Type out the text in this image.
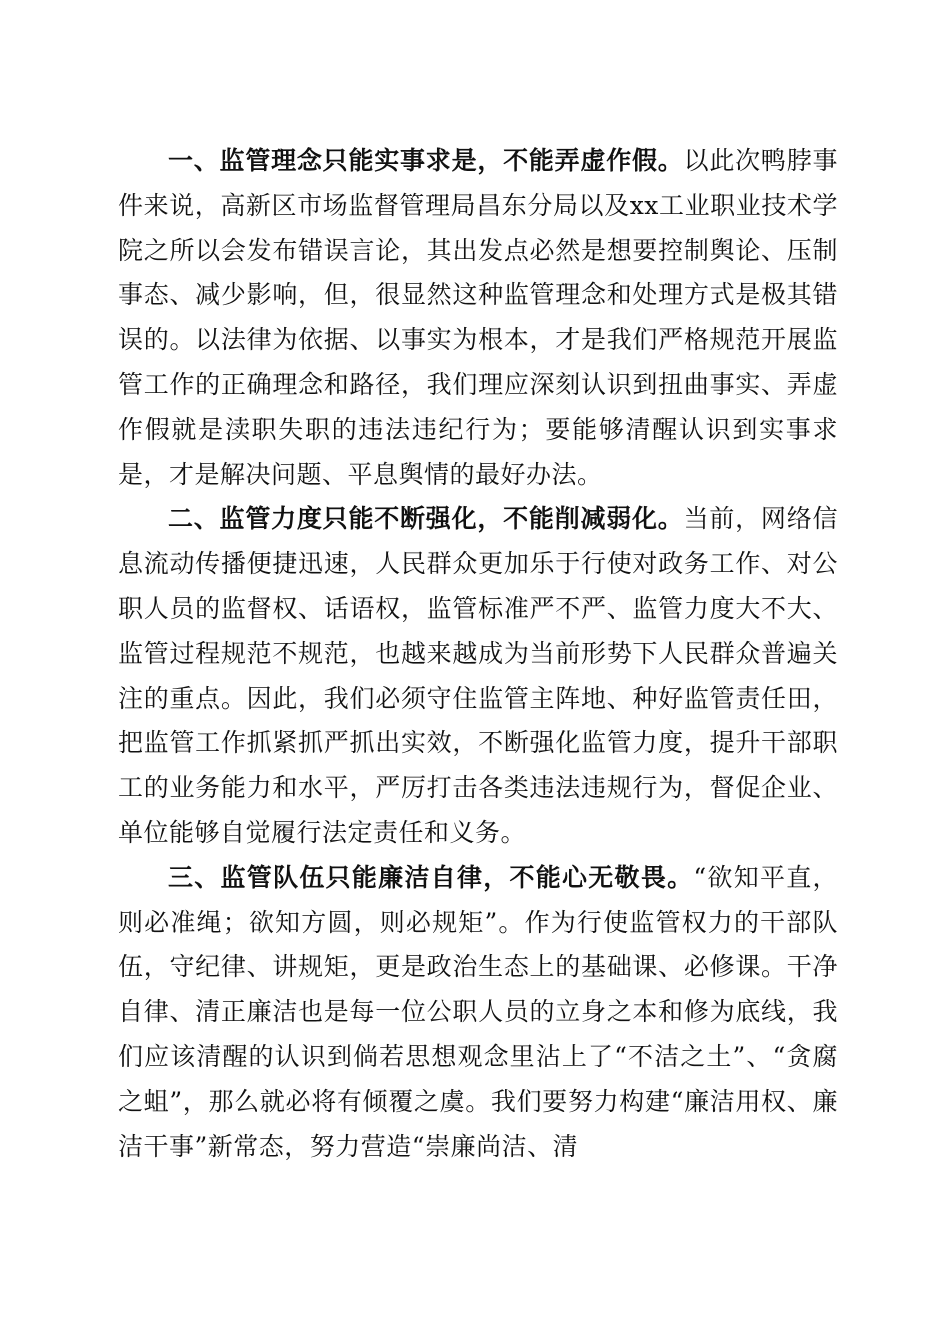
一、监管理念只能实事求是，不能弄虚作假。以此次鸭脖事件来说，高新区市场监督管理局昌东分局以及xx工业职业技术学院之所以会发布错误言论，其出发点必然是想要控制舆论、压制事态、减少影响，但，很显然这种监管理念和处理方式是极其错误的。以法律为依据、以事实为根本，才是我们严格规范开展监管工作的正确理念和路径，我们理应深刻认识到扭曲事实、弄虚作假就是渎职失职的违法违纪行为；要能够清醒认识到实事求是，才是解决问题、平息舆情的最好办法。

二、监管力度只能不断强化，不能削减弱化。当前，网络信息流动传播便捷迅速，人民群众更加乐于行使对政务工作、对公职人员的监督权、话语权，监管标准严不严、监管力度大不大、监管过程规范不规范，也越来越成为当前形势下人民群众普遍关注的重点。因此，我们必须守住监管主阵地、种好监管责任田，把监管工作抓紧抓严抓出实效，不断强化监管力度，提升干部职工的业务能力和水平，严厉打击各类违法违规行为，督促企业、单位能够自觉履行法定责任和义务。

三、监管队伍只能廉洁自律，不能心无敬畏。“欲知平直，则必准绳；欲知方圆，则必规矩”。作为行使监管权力的干部队伍，守纪律、讲规矩，更是政治生态上的基础课、必修课。干净自律、清正廉洁也是每一位公职人员的立身之本和修为底线，我们应该清醒的认识到倘若思想观念里沾上了“不洁之土”、“贪腐之蛆”，那么就必将有倾覆之虞。我们要努力构建“廉洁用权、廉洁干事”新常态，努力营造“崇廉尚洁、清
